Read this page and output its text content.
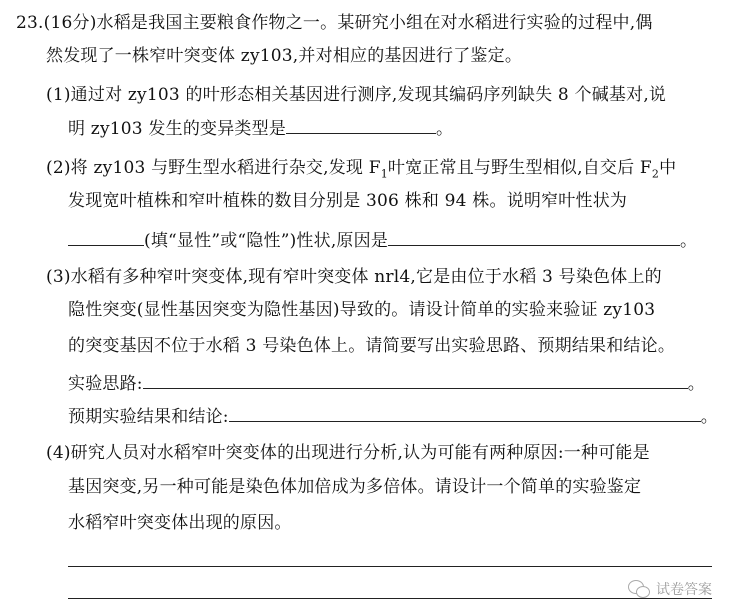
23.(16分)水稻是我国主要粮食作物之一。某研究小组在对水稻进行实验的过程中,偶
然发现了一株窄叶突变体 zy103,并对相应的基因进行了鉴定。
(1)通过对 zy103 的叶形态相关基因进行测序,发现其编码序列缺失 8 个碱基对,说
明 zy103 发生的变异类型是	。
(2)将 zy103 与野生型水稻进行杂交,发现 $F_1$叶宽正常且与野生型相似,自交后 $F_2$中
发现宽叶植株和窄叶植株的数目分别是 306 株和 94 株。说明窄叶性状为
(填“显性”或“隐性”)性状,原因是	。
(3)水稻有多种窄叶突变体,现有窄叶突变体 nrl4,它是由位于水稻 3 号染色体上的
隐性突变(显性基因突变为隐性基因)导致的。请设计简单的实验来验证 zy103
的突变基因不位于水稻 3 号染色体上。请简要写出实验思路、预期结果和结论。
实验思路:	。
预期实验结果和结论:	。
(4)研究人员对水稻窄叶突变体的出现进行分析,认为可能有两种原因:一种可能是
基因突变,另一种可能是染色体加倍成为多倍体。请设计一个简单的实验鉴定
水稻窄叶突变体出现的原因。
试卷答案
